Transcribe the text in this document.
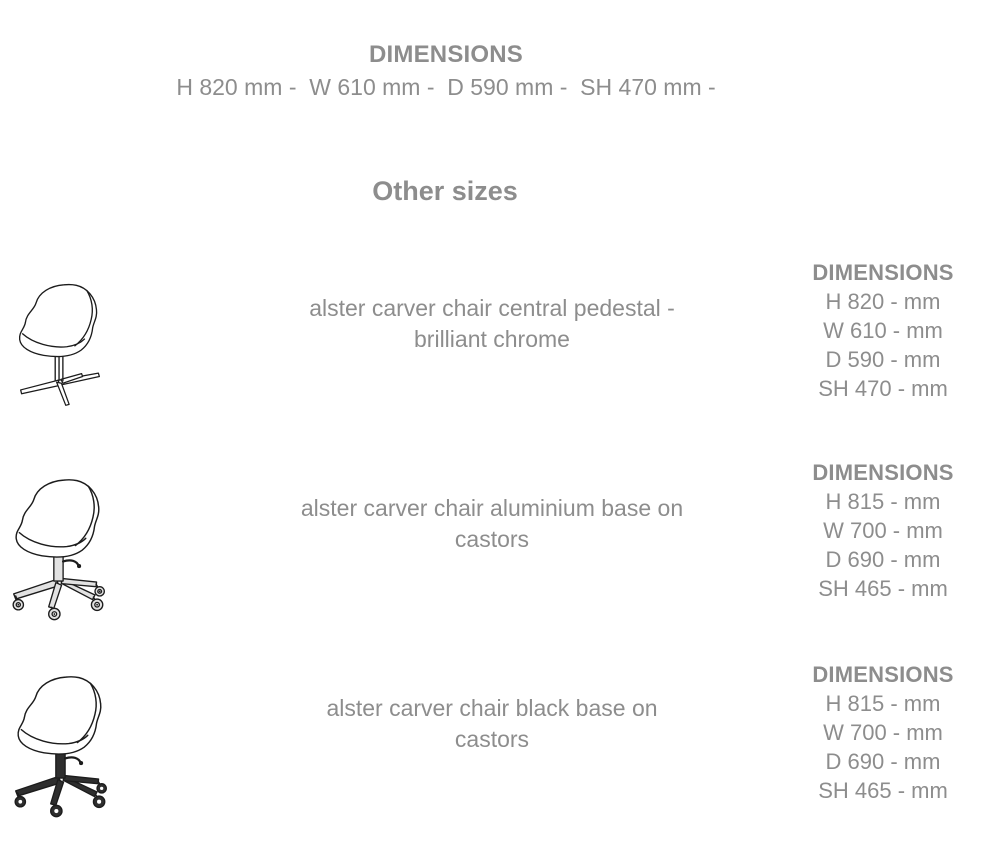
DIMENSIONS
H 820 mm -  W 610 mm -  D 590 mm -  SH 470 mm -
Other sizes
alster carver chair central pedestal -
brilliant chrome
DIMENSIONS
H 820 - mm
W 610 - mm
D 590 - mm
SH 470 - mm
alster carver chair aluminium base on
castors
DIMENSIONS
H 815 - mm
W 700 - mm
D 690 - mm
SH 465 - mm
alster carver chair black base on
castors
DIMENSIONS
H 815 - mm
W 700 - mm
D 690 - mm
SH 465 - mm
